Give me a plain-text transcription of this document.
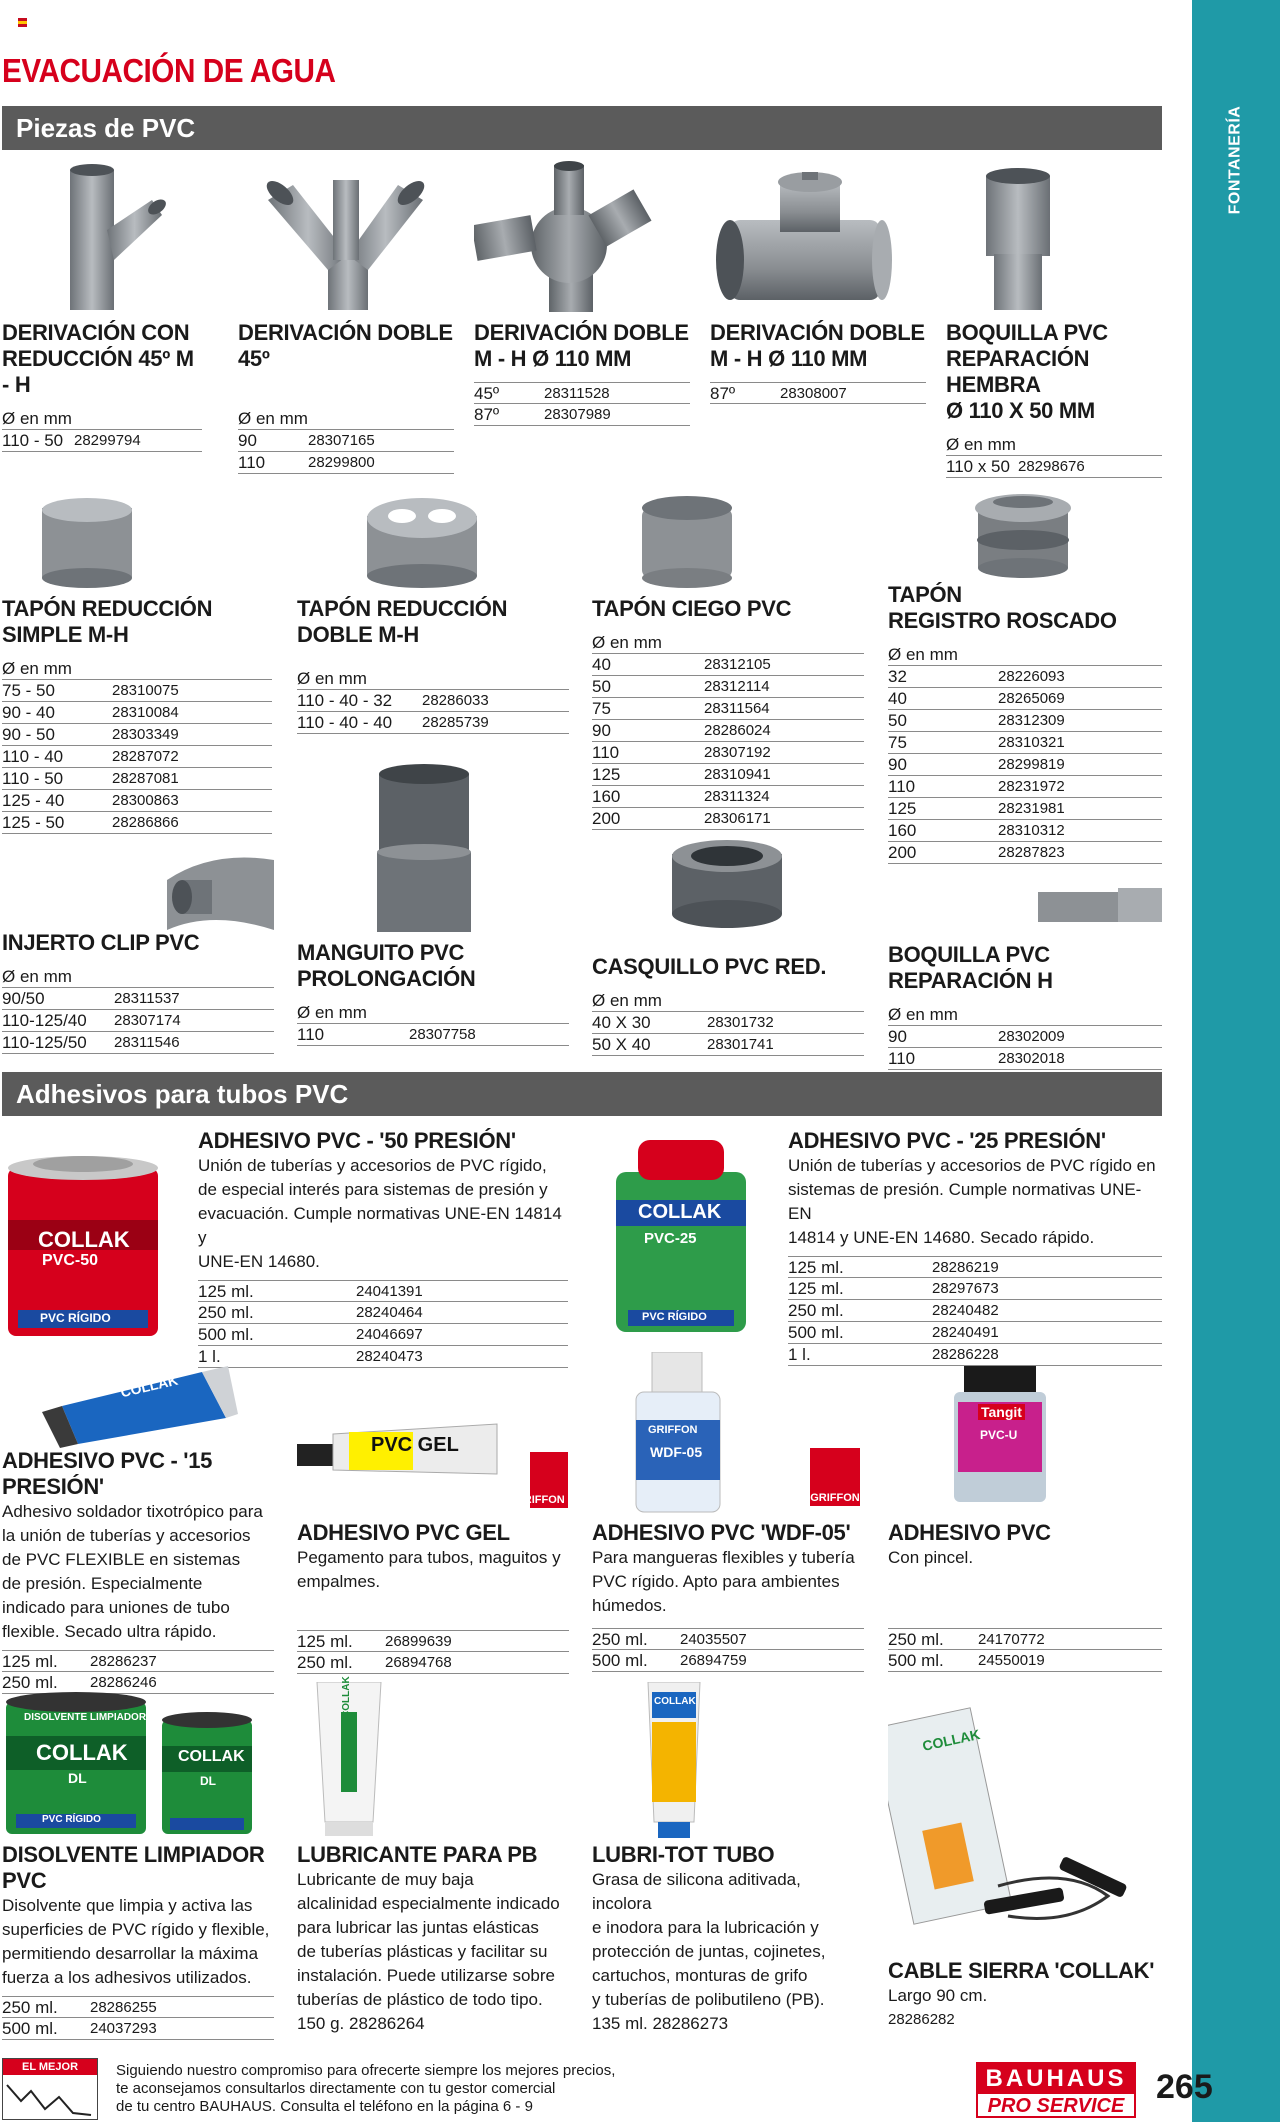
FONTANERÍA
EVACUACIÓN DE AGUA
Piezas de PVC
DERIVACIÓN CON
REDUCCIÓN 45º M - H
Ø en mm
110 - 50 28299794
DERIVACIÓN DOBLE 45º
Ø en mm
90	28307165
110	28299800
DERIVACIÓN DOBLE
M - H Ø 110 MM
45º	28311528
87º	28307989
DERIVACIÓN DOBLE
M - H Ø 110 MM
87º	28308007
BOQUILLA PVC
REPARACIÓN HEMBRA
Ø 110 X 50 MM
Ø en mm
110 x 50 28298676
TAPÓN REDUCCIÓN
SIMPLE M-H
Ø en mm
75 - 50	28310075
90 - 40	28310084
90 - 50	28303349
110 - 40	28287072
110 - 50	28287081
125 - 40	28300863
125 - 50	28286866
TAPÓN REDUCCIÓN
DOBLE M-H
Ø en mm
110 - 40 - 32	28286033
110 - 40 - 40	28285739
TAPÓN CIEGO PVC
Ø en mm
40	28312105
50	28312114
75	28311564
90	28286024
110	28307192
125	28310941
160	28311324
200	28306171
TAPÓN
REGISTRO ROSCADO
Ø en mm
32	28226093
40	28265069
50	28312309
75	28310321
90	28299819
110	28231972
125	28231981
160	28310312
200	28287823
INJERTO CLIP PVC
Ø en mm
90/50	28311537
110-125/40	28307174
110-125/50	28311546
MANGUITO PVC
PROLONGACIÓN
Ø en mm
110	28307758
CASQUILLO PVC RED.
Ø en mm
40 X 30	28301732
50 X 40	28301741
BOQUILLA PVC
REPARACIÓN H
Ø en mm
90	28302009
110	28302018
Adhesivos para tubos PVC
COLLAK
PVC-50
PVC RÍGIDO
ADHESIVO PVC - '50 PRESIÓN'
Unión de tuberías y accesorios de PVC rígido,
de especial interés para sistemas de presión y
evacuación. Cumple normativas UNE-EN 14814 y
UNE-EN 14680.
125 ml.	24041391
250 ml.	28240464
500 ml.	24046697
1 l.	28240473
COLLAK
PVC-25
PVC RÍGIDO
ADHESIVO PVC - '25 PRESIÓN'
Unión de tuberías y accesorios de PVC rígido en
sistemas de presión. Cumple normativas UNE-EN
14814 y UNE-EN 14680. Secado rápido.
125 ml.	28286219
125 ml.	28297673
250 ml.	28240482
500 ml.	28240491
1 l.	28286228
COLLAK
ADHESIVO PVC - '15 PRESIÓN'
Adhesivo soldador tixotrópico para
la unión de tuberías y accesorios
de PVC FLEXIBLE en sistemas
de presión. Especialmente
indicado para uniones de tubo
flexible. Secado ultra rápido.
125 ml.	28286237
250 ml.	28286246
PVC GEL
GRIFFON
ADHESIVO PVC GEL
Pegamento para tubos, maguitos y
empalmes.
125 ml.	26899639
250 ml.	26894768
GRIFFON
WDF-05
GRIFFON
ADHESIVO PVC 'WDF-05'
Para mangueras flexibles y tubería
PVC rígido. Apto para ambientes
húmedos.
250 ml.	24035507
500 ml.	26894759
Tangit
PVC-U
ADHESIVO PVC
Con pincel.
250 ml.	24170772
500 ml.	24550019
DISOLVENTE LIMPIADOR
COLLAK
DL
COLLAK
DL
PVC RÍGIDO
DISOLVENTE LIMPIADOR PVC
Disolvente que limpia y activa las
superficies de PVC rígido y flexible,
permitiendo desarrollar la máxima
fuerza a los adhesivos utilizados.
250 ml.	28286255
500 ml.	24037293
COLLAK
LUBRICANTE PARA PB
Lubricante de muy baja
alcalinidad especialmente indicado
para lubricar las juntas elásticas
de tuberías plásticas y facilitar su
instalación. Puede utilizarse sobre
tuberías de plástico de todo tipo.
150 g. 28286264
COLLAK
LUBRI-TOT TUBO
Grasa de silicona aditivada, incolora
e inodora para la lubricación y
protección de juntas, cojinetes,
cartuchos, monturas de grifo
y tuberías de polibutileno (PB).
135 ml. 28286273
COLLAK
CABLE SIERRA 'COLLAK'
Largo 90 cm.
28286282
EL MEJOR PRECIO
Siguiendo nuestro compromiso para ofrecerte siempre los mejores precios,
te aconsejamos consultarlos directamente con tu gestor comercial
de tu centro BAUHAUS. Consulta el teléfono en la página 6 - 9
BAUHAUS
PRO SERVICE 265
